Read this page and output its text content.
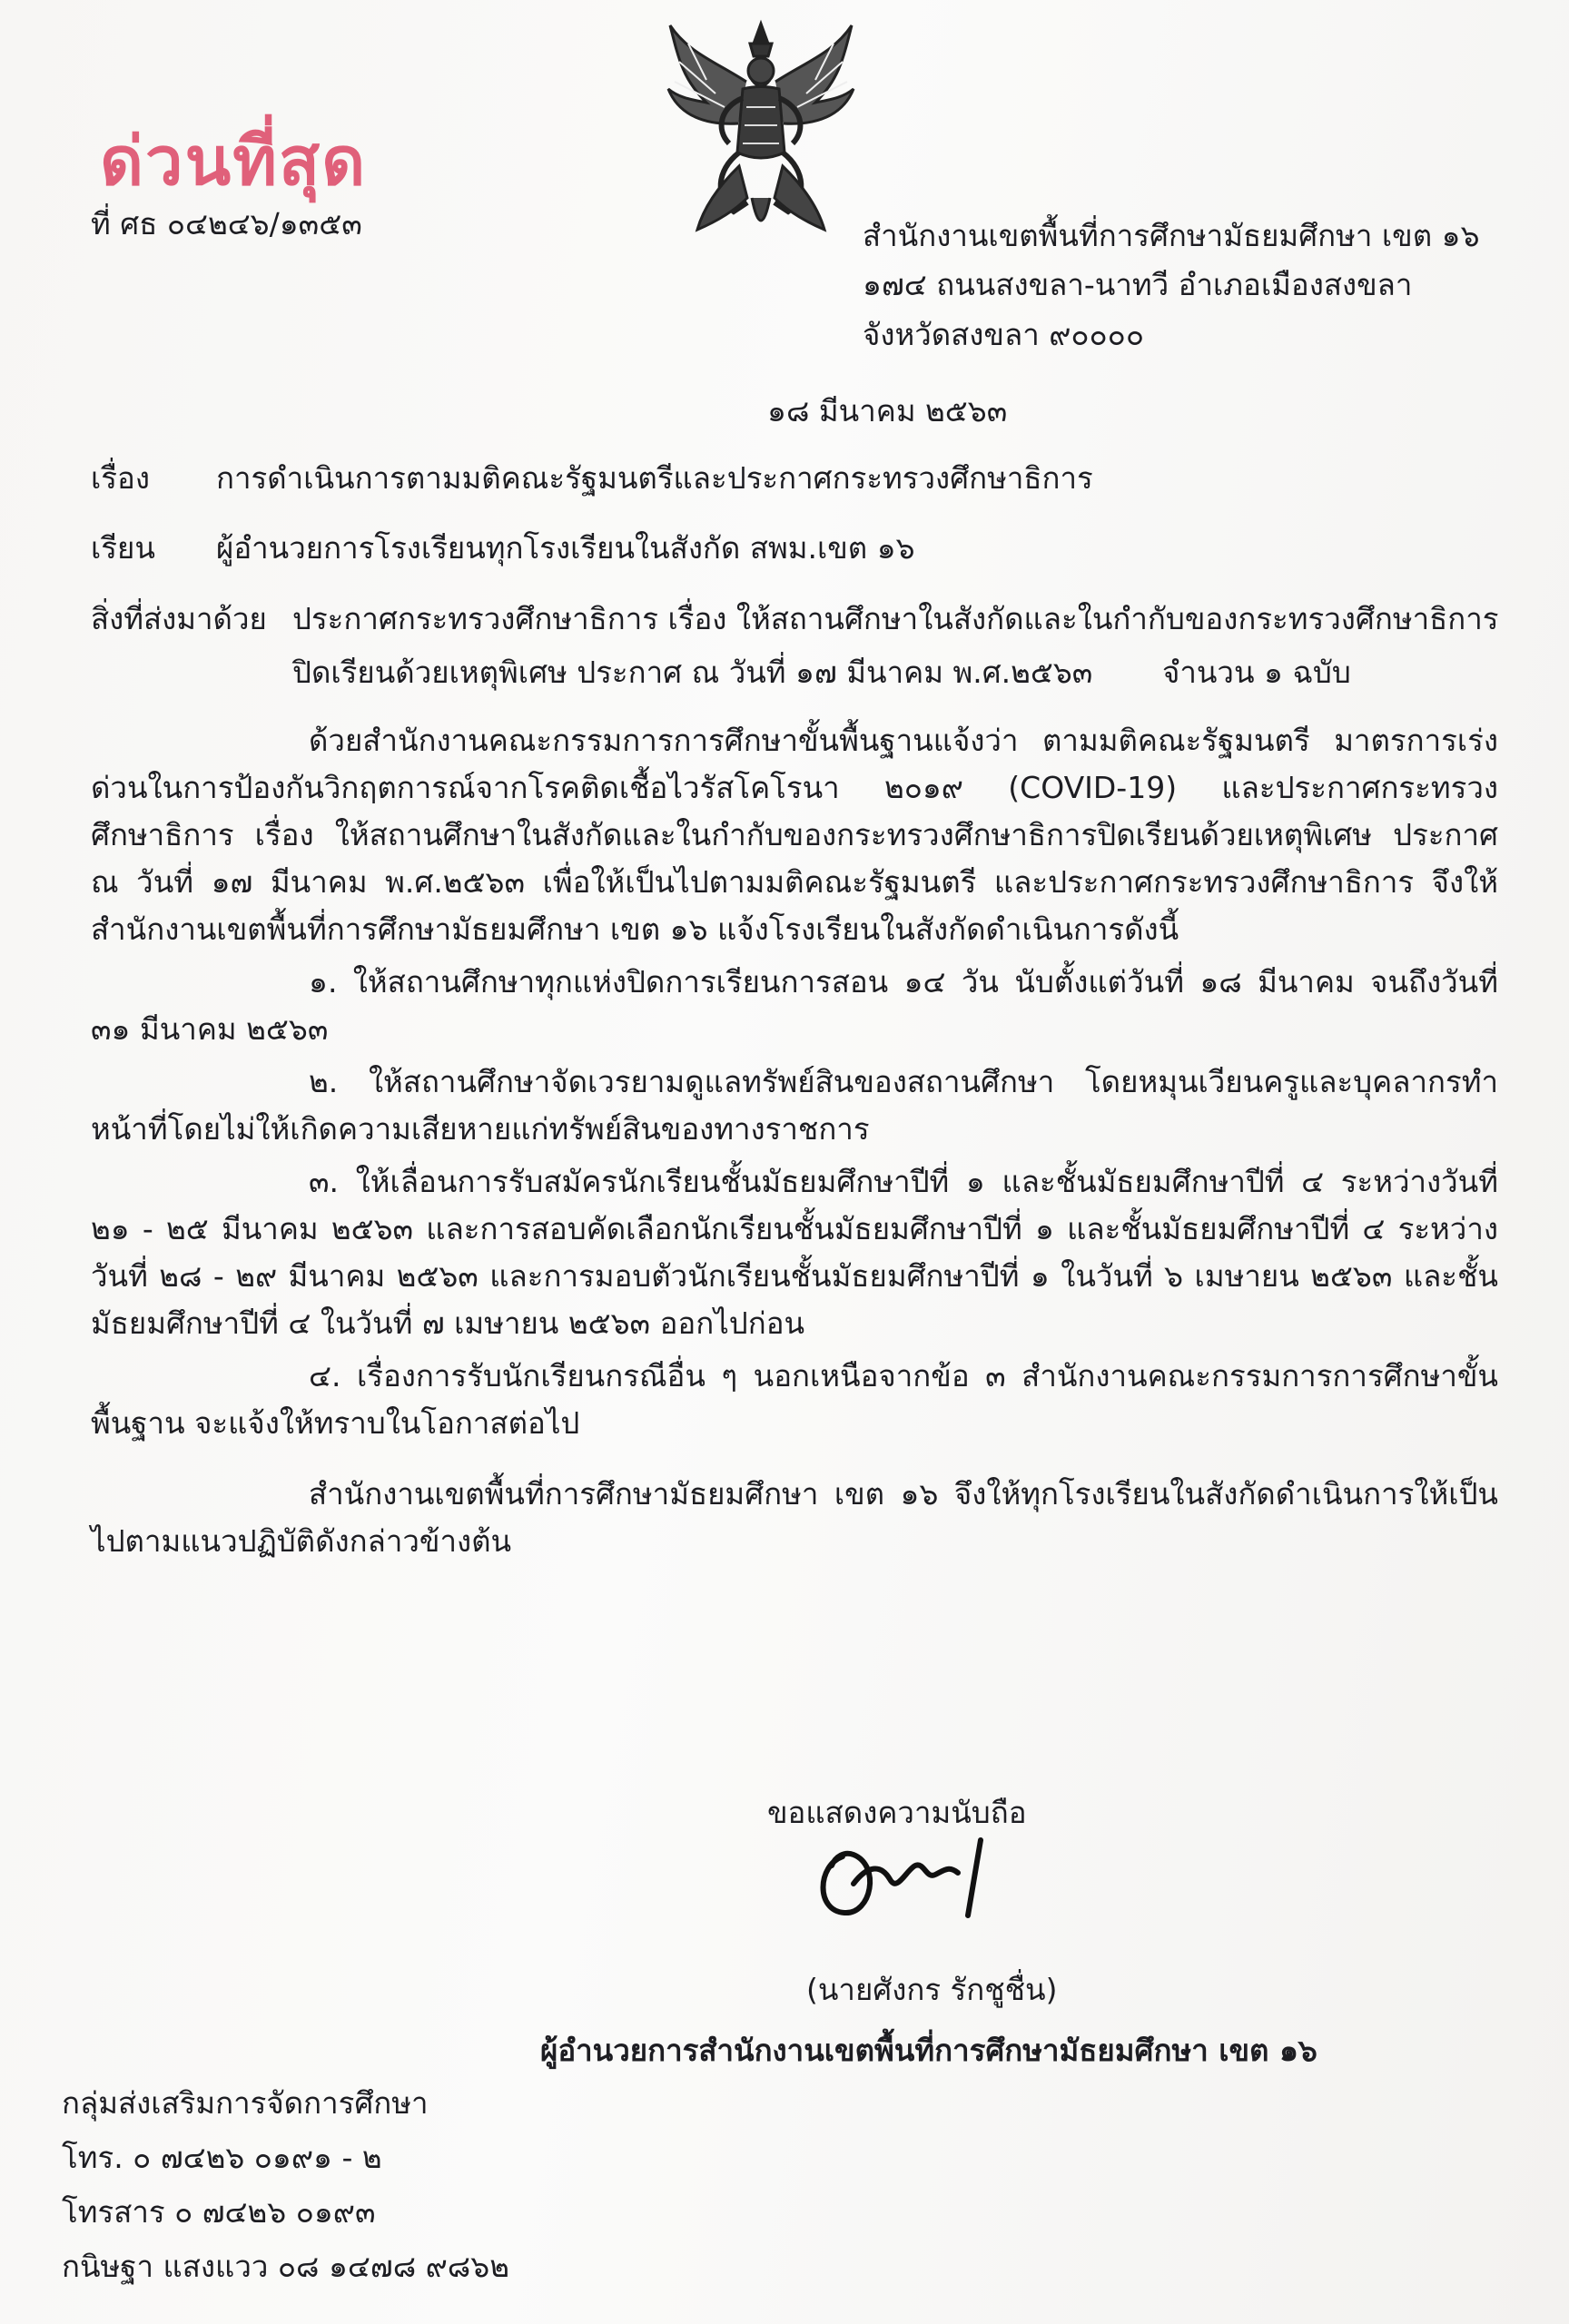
ด่วนที่สุด
ที่ ศธ ๐๔๒๔๖/๑๓๕๓	สำนักงานเขตพื้นที่การศึกษามัธยมศึกษา เขต ๑๖
๑๗๔ ถนนสงขลา-นาทวี อำเภอเมืองสงขลา
จังหวัดสงขลา ๙๐๐๐๐
๑๘ มีนาคม ๒๕๖๓
เรื่อง การดำเนินการตามมติคณะรัฐมนตรีและประกาศกระทรวงศึกษาธิการ
เรียน ผู้อำนวยการโรงเรียนทุกโรงเรียนในสังกัด สพม.เขต ๑๖
สิ่งที่ส่งมาด้วย ประกาศกระทรวงศึกษาธิการ เรื่อง ให้สถานศึกษาในสังกัดและในกำกับของกระทรวงศึกษาธิการ
ปิดเรียนด้วยเหตุพิเศษ ประกาศ ณ วันที่ ๑๗ มีนาคม พ.ศ.๒๕๖๓ จำนวน ๑ ฉบับ

ด้วยสำนักงานคณะกรรมการการศึกษาขั้นพื้นฐานแจ้งว่า ตามมติคณะรัฐมนตรี มาตรการเร่งด่วนในการป้องกันวิกฤตการณ์จากโรคติดเชื้อไวรัสโคโรนา ๒๐๑๙ (COVID-19) และประกาศกระทรวงศึกษาธิการ เรื่อง ให้สถานศึกษาในสังกัดและในกำกับของกระทรวงศึกษาธิการปิดเรียนด้วยเหตุพิเศษ ประกาศ ณ วันที่ ๑๗ มีนาคม พ.ศ.๒๕๖๓ เพื่อให้เป็นไปตามมติคณะรัฐมนตรี และประกาศกระทรวงศึกษาธิการ จึงให้สำนักงานเขตพื้นที่การศึกษามัธยมศึกษา เขต ๑๖ แจ้งโรงเรียนในสังกัดดำเนินการดังนี้

๑. ให้สถานศึกษาทุกแห่งปิดการเรียนการสอน ๑๔ วัน นับตั้งแต่วันที่ ๑๘ มีนาคม จนถึงวันที่ ๓๑ มีนาคม ๒๕๖๓

๒. ให้สถานศึกษาจัดเวรยามดูแลทรัพย์สินของสถานศึกษา โดยหมุนเวียนครูและบุคลากรทำหน้าที่โดยไม่ให้เกิดความเสียหายแก่ทรัพย์สินของทางราชการ

๓. ให้เลื่อนการรับสมัครนักเรียนชั้นมัธยมศึกษาปีที่ ๑ และชั้นมัธยมศึกษาปีที่ ๔ ระหว่างวันที่ ๒๑ - ๒๕ มีนาคม ๒๕๖๓ และการสอบคัดเลือกนักเรียนชั้นมัธยมศึกษาปีที่ ๑ และชั้นมัธยมศึกษาปีที่ ๔ ระหว่างวันที่ ๒๘ - ๒๙ มีนาคม ๒๕๖๓ และการมอบตัวนักเรียนชั้นมัธยมศึกษาปีที่ ๑ ในวันที่ ๖ เมษายน ๒๕๖๓ และชั้นมัธยมศึกษาปีที่ ๔ ในวันที่ ๗ เมษายน ๒๕๖๓ ออกไปก่อน

๔. เรื่องการรับนักเรียนกรณีอื่น ๆ นอกเหนือจากข้อ ๓ สำนักงานคณะกรรมการการศึกษาขั้นพื้นฐาน จะแจ้งให้ทราบในโอกาสต่อไป

สำนักงานเขตพื้นที่การศึกษามัธยมศึกษา เขต ๑๖ จึงให้ทุกโรงเรียนในสังกัดดำเนินการให้เป็นไปตามแนวปฏิบัติดังกล่าวข้างต้น

ขอแสดงความนับถือ
(นายศังกร รักชูชื่น)
ผู้อำนวยการสำนักงานเขตพื้นที่การศึกษามัธยมศึกษา เขต ๑๖
กลุ่มส่งเสริมการจัดการศึกษา
โทร. ๐ ๗๔๒๖ ๐๑๙๑ - ๒
โทรสาร ๐ ๗๔๒๖ ๐๑๙๓
กนิษฐา แสงแวว ๐๘ ๑๔๗๘ ๙๘๖๒
